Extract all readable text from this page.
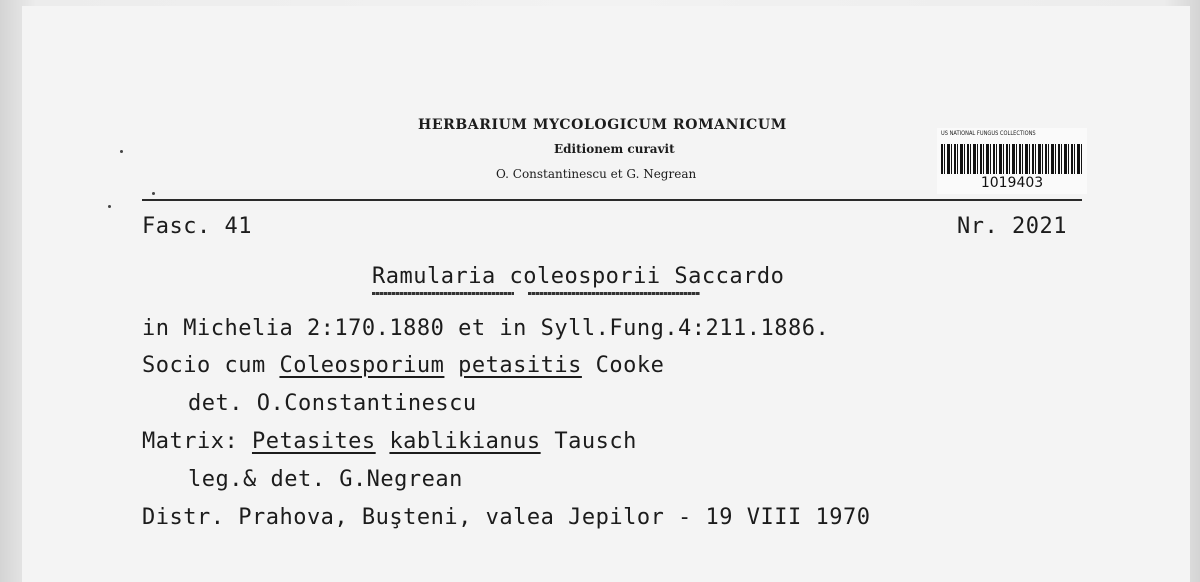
HERBARIUM MYCOLOGICUM ROMANICUM
Editionem curavit
O. Constantinescu et G. Negrean
US NATIONAL FUNGUS COLLECTIONS
1019403
Fasc. 41	Nr. 2021
Ramularia coleosporii Saccardo
in Michelia 2:170.1880 et in Syll.Fung.4:211.1886.
Socio cum Coleosporium petasitis Cooke
det. O.Constantinescu
Matrix: Petasites kablikianus Tausch
leg.& det. G.Negrean
Distr. Prahova, Buşteni, valea Jepilor - 19 VIII 1970
